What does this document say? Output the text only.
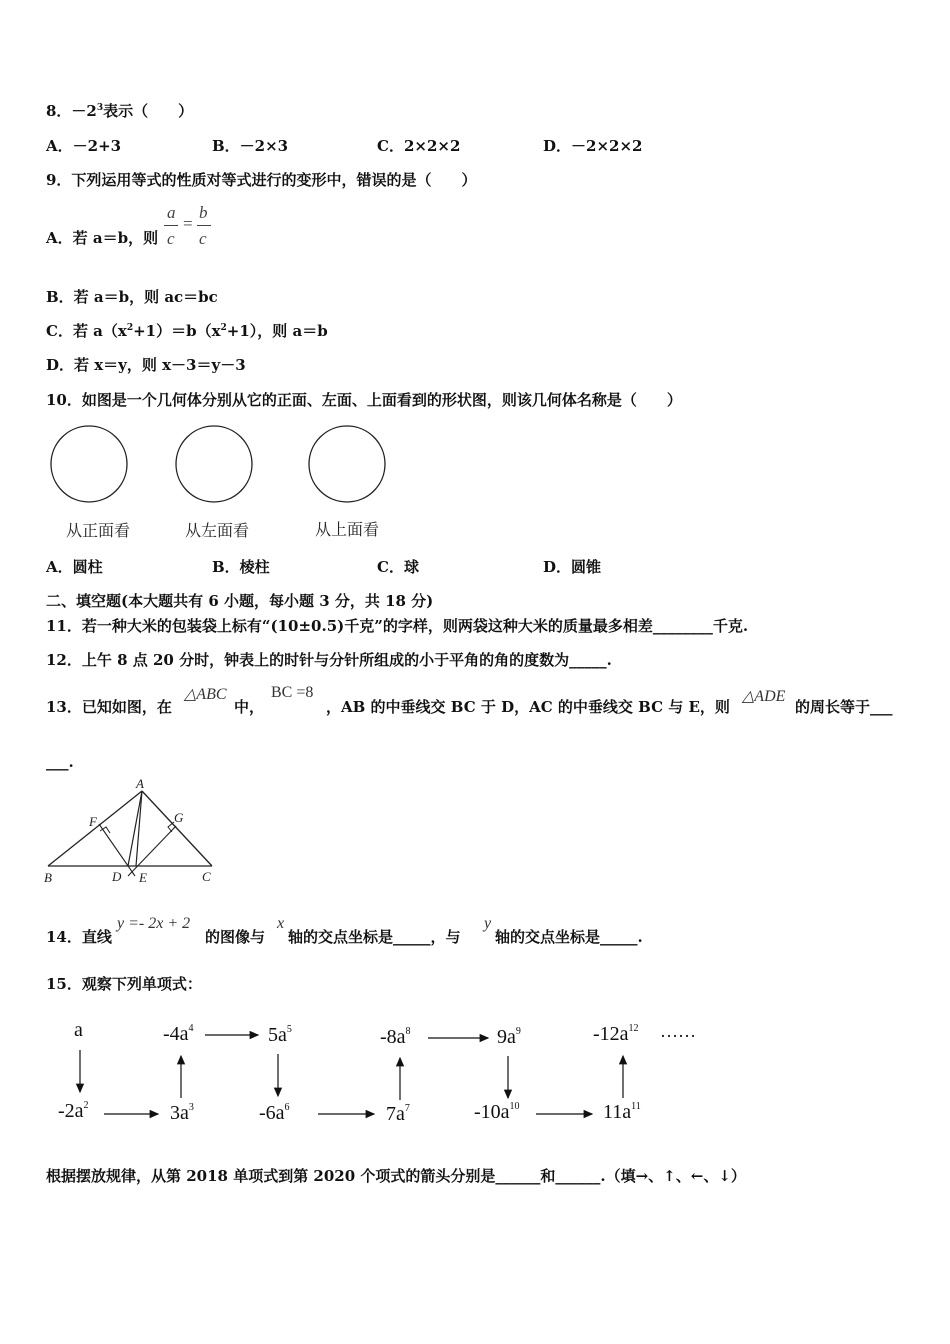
8．$-2^3$表示（　　）
A．－2+3	B．－2×3	C．2×2×2	D．－2×2×2
9．下列运用等式的性质对等式进行的变形中，错误的是（　　）
A．若 a＝b，则
a
c
=
b
c
B．若 a＝b，则 ac＝bc
C．若 $a(x^2+1)=b(x^2+1)$，则 a＝b
D．若 x＝y，则 x－3＝y－3
10．如图是一个几何体分别从它的正面、左面、上面看到的形状图，则该几何体名称是（　　）
从正面看	从左面看	从上面看
A．圆柱	B．棱柱	C．球	D．圆锥
二、填空题(本大题共有 6 小题，每小题 3 分，共 18 分)
11．若一种大米的包装袋上标有“(10±0.5)千克”的字样，则两袋这种大米的质量最多相差________千克.
12．上午 8 点 20 分时，钟表上的时针与分针所组成的小于平角的角的度数为_____.
13．已知如图，在
△ABC
中，
BC =8
，AB 的中垂线交 BC 于 D，AC 的中垂线交 BC 与 E，则
△ADE
的周长等于___
___.
A
B	C
D E
F	G
14．直线
y =- 2x + 2
的图像与
x
轴的交点坐标是_____，与
y
轴的交点坐标是_____.
15．观察下列单项式：
a
$-2a^2$	$3a^3$
$-4a^4$	$5a^5$
$-6a^6$	$7a^7$
$-8a^8$	$9a^9$
$-10a^{10}$	$11a^{11}$
$-12a^{12}$ ……
根据摆放规律，从第 2018 单项式到第 2020 个项式的箭头分别是______和______.（填→、↑、←、↓）
